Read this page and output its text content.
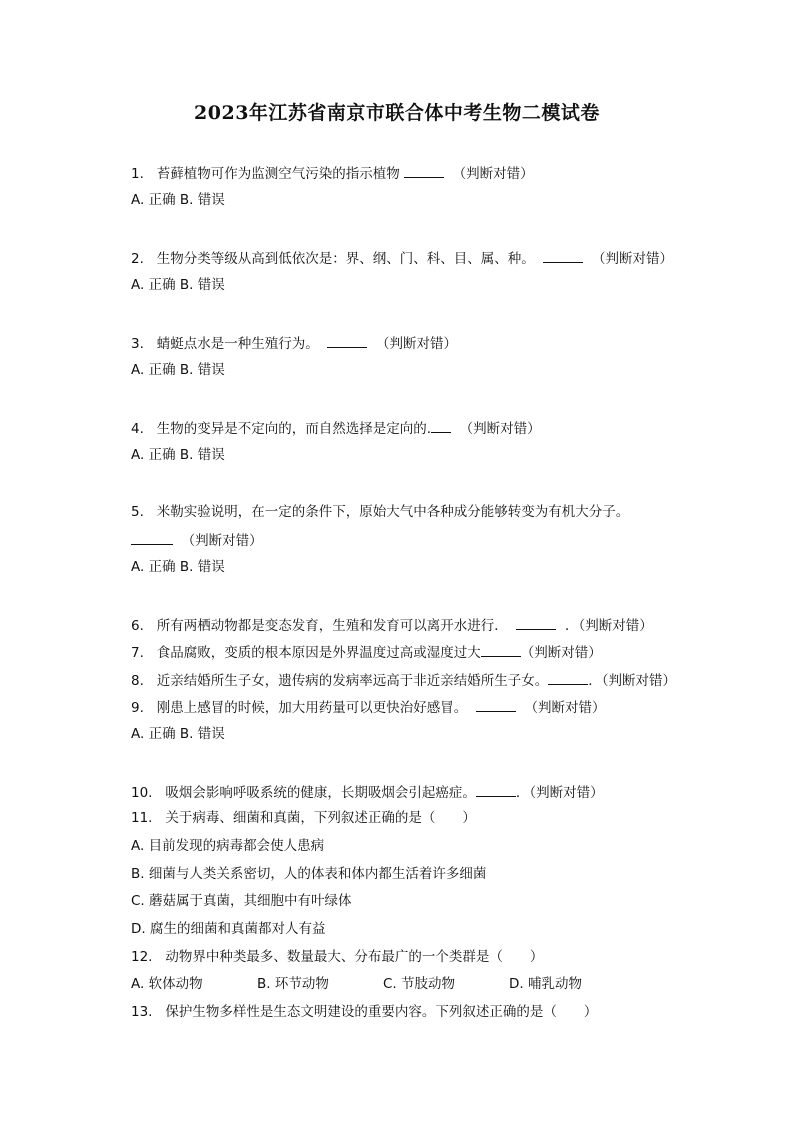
2023年江苏省南京市联合体中考生物二模试卷
1. 苔藓植物可作为监测空气污染的指示植物	（判断对错）
A. 正确 B. 错误
2. 生物分类等级从高到低依次是：界、纲、门、科、目、属、种。	（判断对错）
A. 正确 B. 错误
3. 蜻蜓点水是一种生殖行为。	（判断对错）
A. 正确 B. 错误
4. 生物的变异是不定向的，而自然选择是定向的. （判断对错）
A. 正确 B. 错误
5. 米勒实验说明，在一定的条件下，原始大气中各种成分能够转变为有机大分子。
（判断对错）
A. 正确 B. 错误
6. 所有两栖动物都是变态发育，生殖和发育可以离开水进行．	．（判断对错）
7. 食品腐败，变质的根本原因是外界温度过高或湿度过大	（判断对错）
8. 近亲结婚所生子女，遗传病的发病率远高于非近亲结婚所生子女。	．（判断对错）
9. 刚患上感冒的时候，加大用药量可以更快治好感冒。	（判断对错）
A. 正确 B. 错误
10. 吸烟会影响呼吸系统的健康，长期吸烟会引起癌症。	．（判断对错）
11. 关于病毒、细菌和真菌，下列叙述正确的是（　　）
A. 目前发现的病毒都会使人患病
B. 细菌与人类关系密切，人的体表和体内都生活着许多细菌
C. 蘑菇属于真菌，其细胞中有叶绿体
D. 腐生的细菌和真菌都对人有益
12. 动物界中种类最多、数量最大、分布最广的一个类群是（　　）
A. 软体动物	B. 环节动物	C. 节肢动物	D. 哺乳动物
13. 保护生物多样性是生态文明建设的重要内容。下列叙述正确的是（　　）
